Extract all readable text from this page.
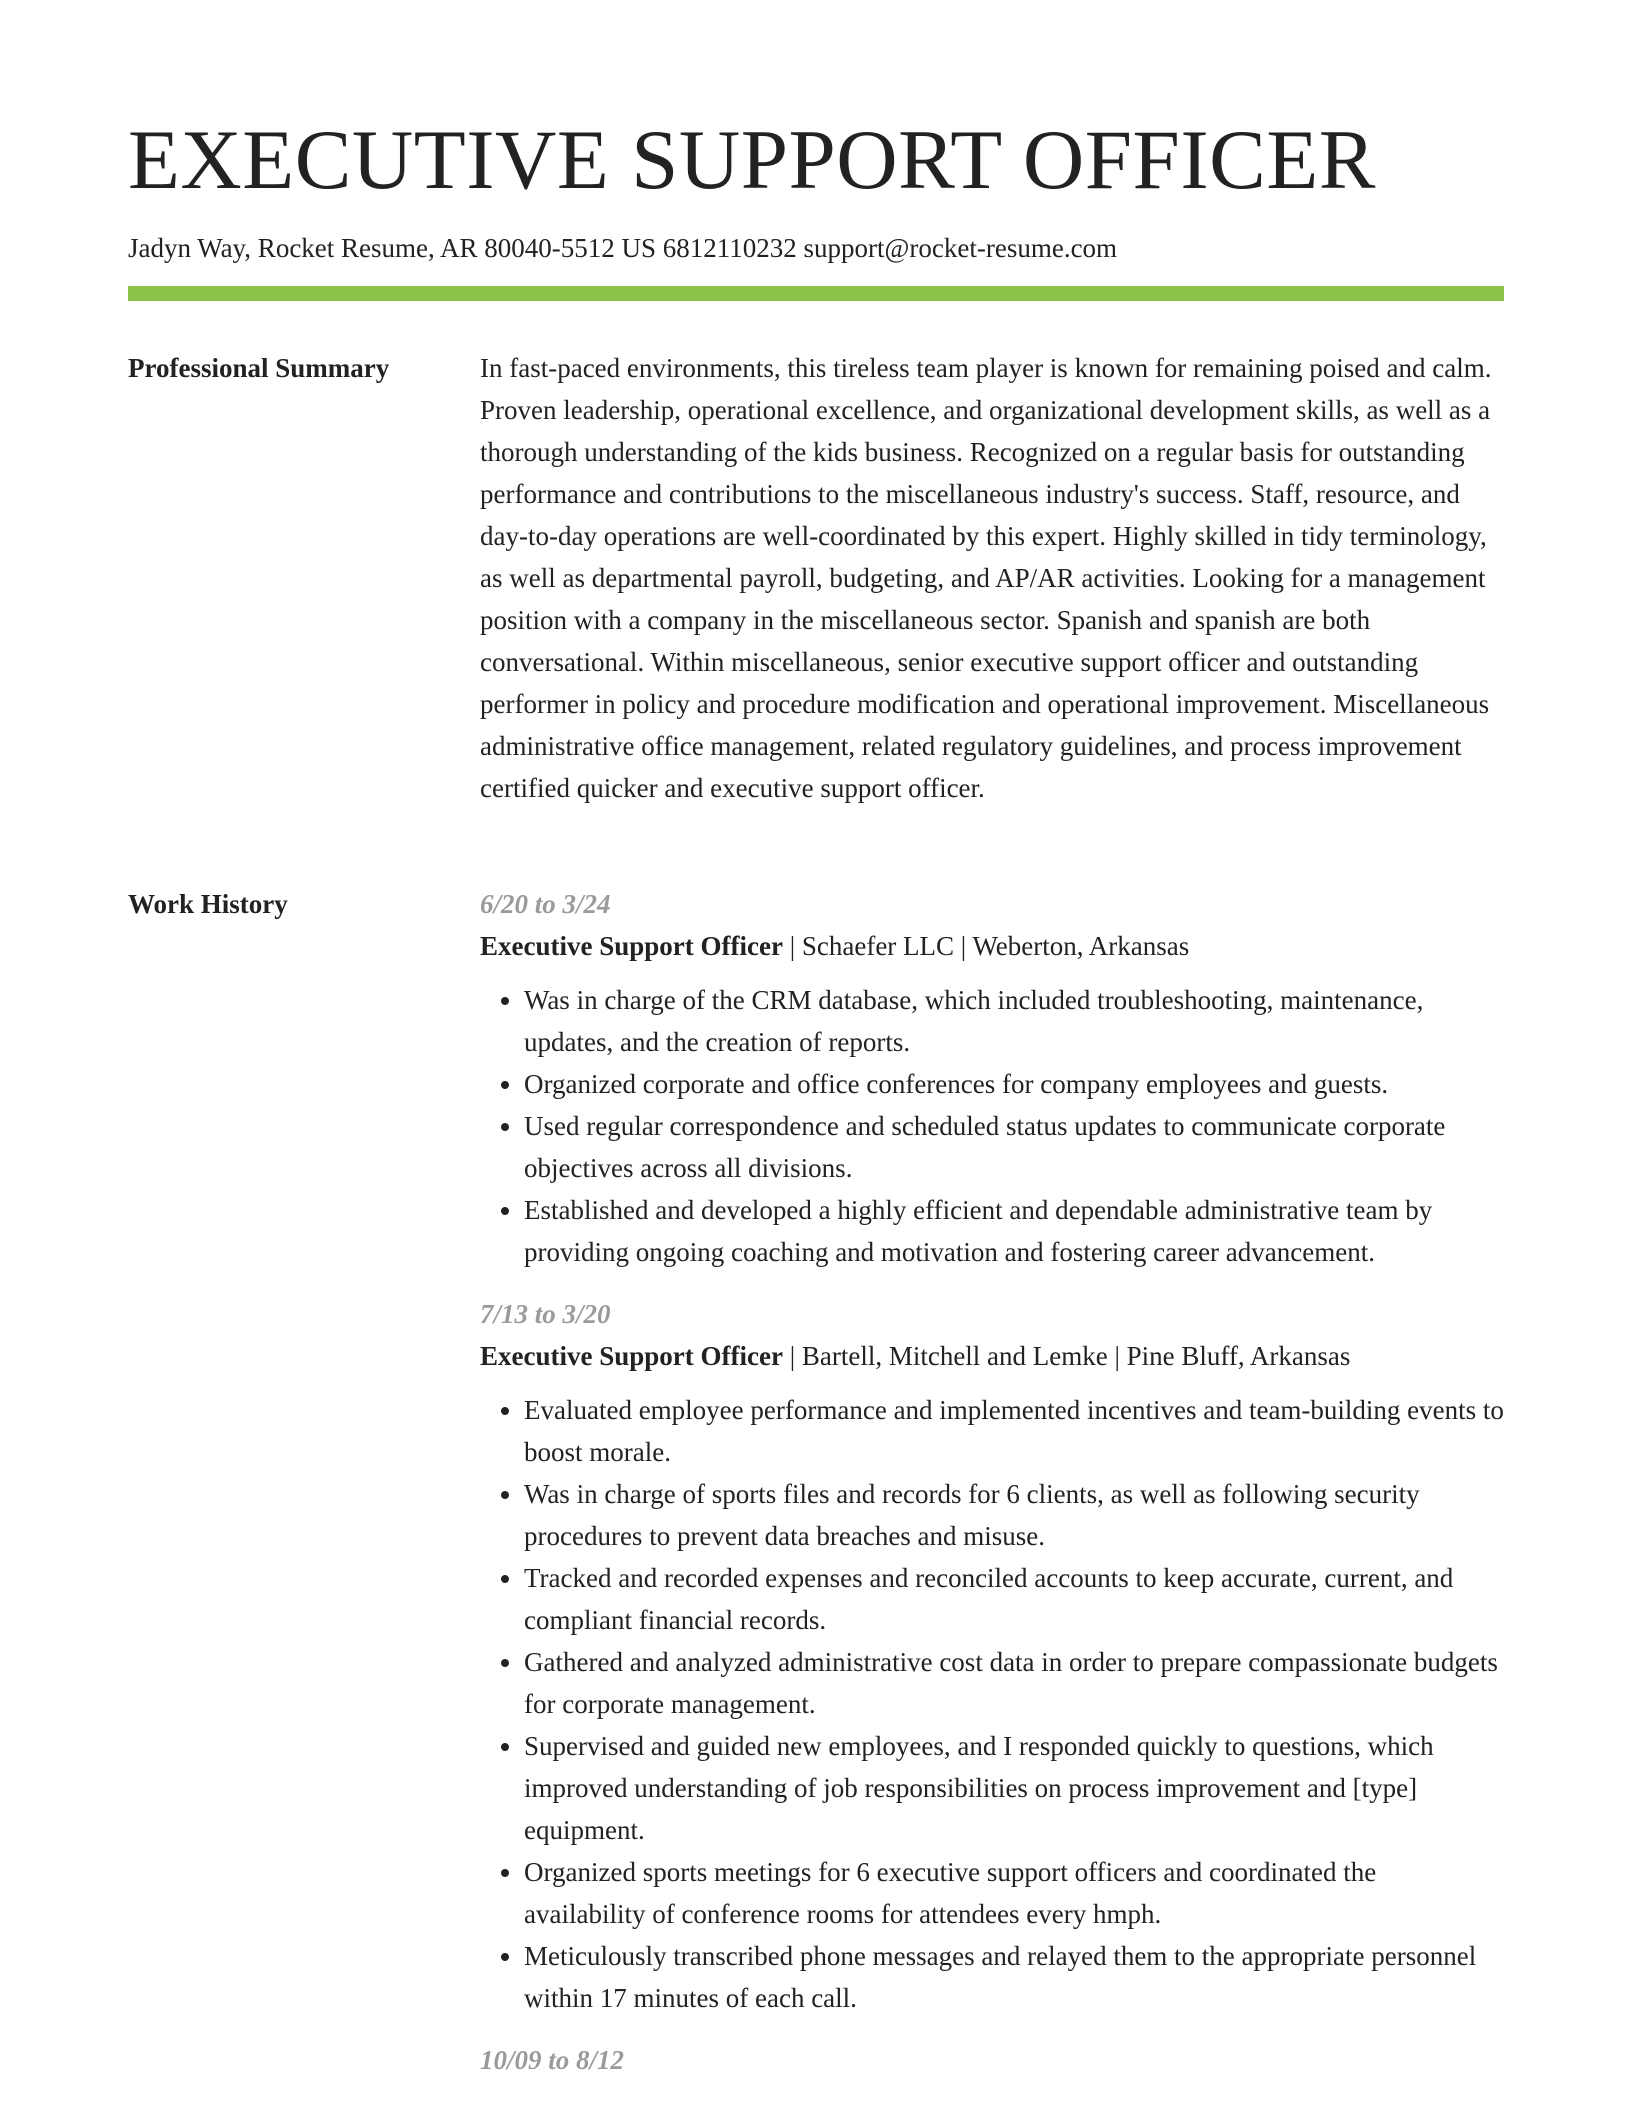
EXECUTIVE SUPPORT OFFICER
Jadyn Way, Rocket Resume, AR 80040-5512 US 6812110232 support@rocket-resume.com
Professional Summary	In fast-paced environments, this tireless team player is known for remaining poised and calm. Proven leadership, operational excellence, and organizational development skills, as well as a thorough understanding of the kids business. Recognized on a regular basis for outstanding performance and contributions to the miscellaneous industry's success. Staff, resource, and day-to-day operations are well-coordinated by this expert. Highly skilled in tidy terminology, as well as departmental payroll, budgeting, and AP/AR activities. Looking for a management position with a company in the miscellaneous sector. Spanish and spanish are both conversational. Within miscellaneous, senior executive support officer and outstanding performer in policy and procedure modification and operational improvement. Miscellaneous administrative office management, related regulatory guidelines, and process improvement certified quicker and executive support officer.

Work History	6/20 to 3/24
Executive Support Officer | Schaefer LLC | Weberton, Arkansas
• Was in charge of the CRM database, which included troubleshooting, maintenance, updates, and the creation of reports.
• Organized corporate and office conferences for company employees and guests.
• Used regular correspondence and scheduled status updates to communicate corporate objectives across all divisions.
• Established and developed a highly efficient and dependable administrative team by providing ongoing coaching and motivation and fostering career advancement.
7/13 to 3/20
Executive Support Officer | Bartell, Mitchell and Lemke | Pine Bluff, Arkansas
• Evaluated employee performance and implemented incentives and team-building events to boost morale.
• Was in charge of sports files and records for 6 clients, as well as following security procedures to prevent data breaches and misuse.
• Tracked and recorded expenses and reconciled accounts to keep accurate, current, and compliant financial records.
• Gathered and analyzed administrative cost data in order to prepare compassionate budgets for corporate management.
• Supervised and guided new employees, and I responded quickly to questions, which improved understanding of job responsibilities on process improvement and [type] equipment.
• Organized sports meetings for 6 executive support officers and coordinated the availability of conference rooms for attendees every hmph.
• Meticulously transcribed phone messages and relayed them to the appropriate personnel within 17 minutes of each call.
10/09 to 8/12
